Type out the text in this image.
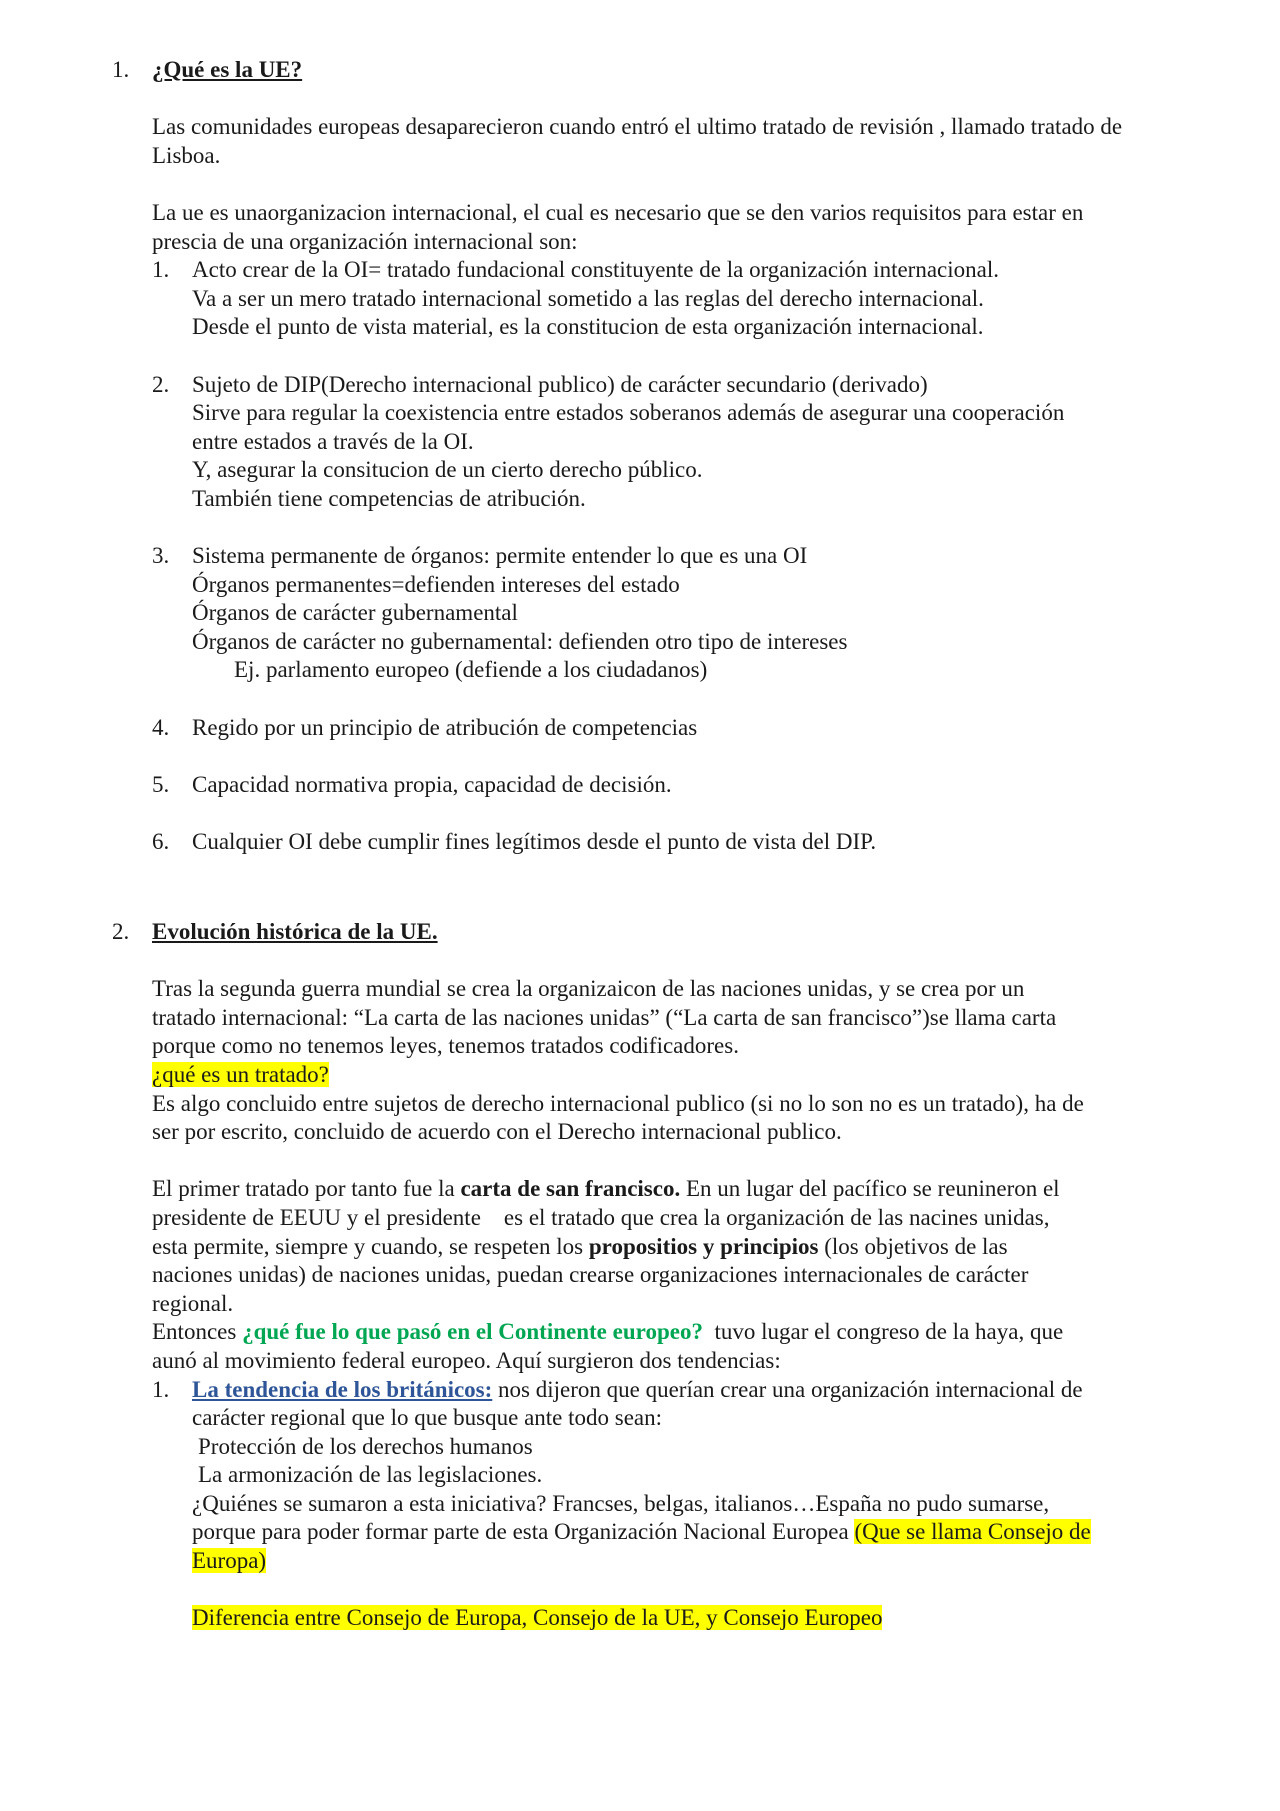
1. ¿Qué es la UE?

Las comunidades europeas desaparecieron cuando entró el ultimo tratado de revisión , llamado tratado de Lisboa.

La ue es unaorganizacion internacional, el cual es necesario que se den varios requisitos para estar en

prescia de una organización internacional son:

1. Acto crear de la OI= tratado fundacional constituyente de la organización internacional.

Va a ser un mero tratado internacional sometido a las reglas del derecho internacional.

Desde el punto de vista material, es la constitucion de esta organización internacional.

2. Sujeto de DIP(Derecho internacional publico) de carácter secundario (derivado)

Sirve para regular la coexistencia entre estados soberanos además de asegurar una cooperación

entre estados a través de la OI.

Y, asegurar la consitucion de un cierto derecho público.

También tiene competencias de atribución.

3. Sistema permanente de órganos: permite entender lo que es una OI

Órganos permanentes=defienden intereses del estado

Órganos de carácter gubernamental

Órganos de carácter no gubernamental: defienden otro tipo de intereses

Ej. parlamento europeo (defiende a los ciudadanos)

4. Regido por un principio de atribución de competencias

5. Capacidad normativa propia, capacidad de decisión.

6. Cualquier OI debe cumplir fines legítimos desde el punto de vista del DIP.

2. Evolución histórica de la UE.

Tras la segunda guerra mundial se crea la organizaicon de las naciones unidas, y se crea por un

tratado internacional: “La carta de las naciones unidas” (“La carta de san francisco”)se llama carta

porque como no tenemos leyes, tenemos tratados codificadores.

¿qué es un tratado?

Es algo concluido entre sujetos de derecho internacional publico (si no lo son no es un tratado), ha de

ser por escrito, concluido de acuerdo con el Derecho internacional publico.

El primer tratado por tanto fue la carta de san francisco. En un lugar del pacífico se reunineron el

presidente de EEUU y el presidente    es el tratado que crea la organización de las nacines unidas,

esta permite, siempre y cuando, se respeten los propositios y principios (los objetivos de las

naciones unidas) de naciones unidas, puedan crearse organizaciones internacionales de carácter

regional.

Entonces ¿qué fue lo que pasó en el Continente europeo?  tuvo lugar el congreso de la haya, que

aunó al movimiento federal europeo. Aquí surgieron dos tendencias:

1. La tendencia de los británicos: nos dijeron que querían crear una organización internacional de

carácter regional que lo que busque ante todo sean:

Protección de los derechos humanos

La armonización de las legislaciones.

¿Quiénes se sumaron a esta iniciativa? Francses, belgas, italianos…España no pudo sumarse,

porque para poder formar parte de esta Organización Nacional Europea (Que se llama Consejo de

Europa)

Diferencia entre Consejo de Europa, Consejo de la UE, y Consejo Europeo
